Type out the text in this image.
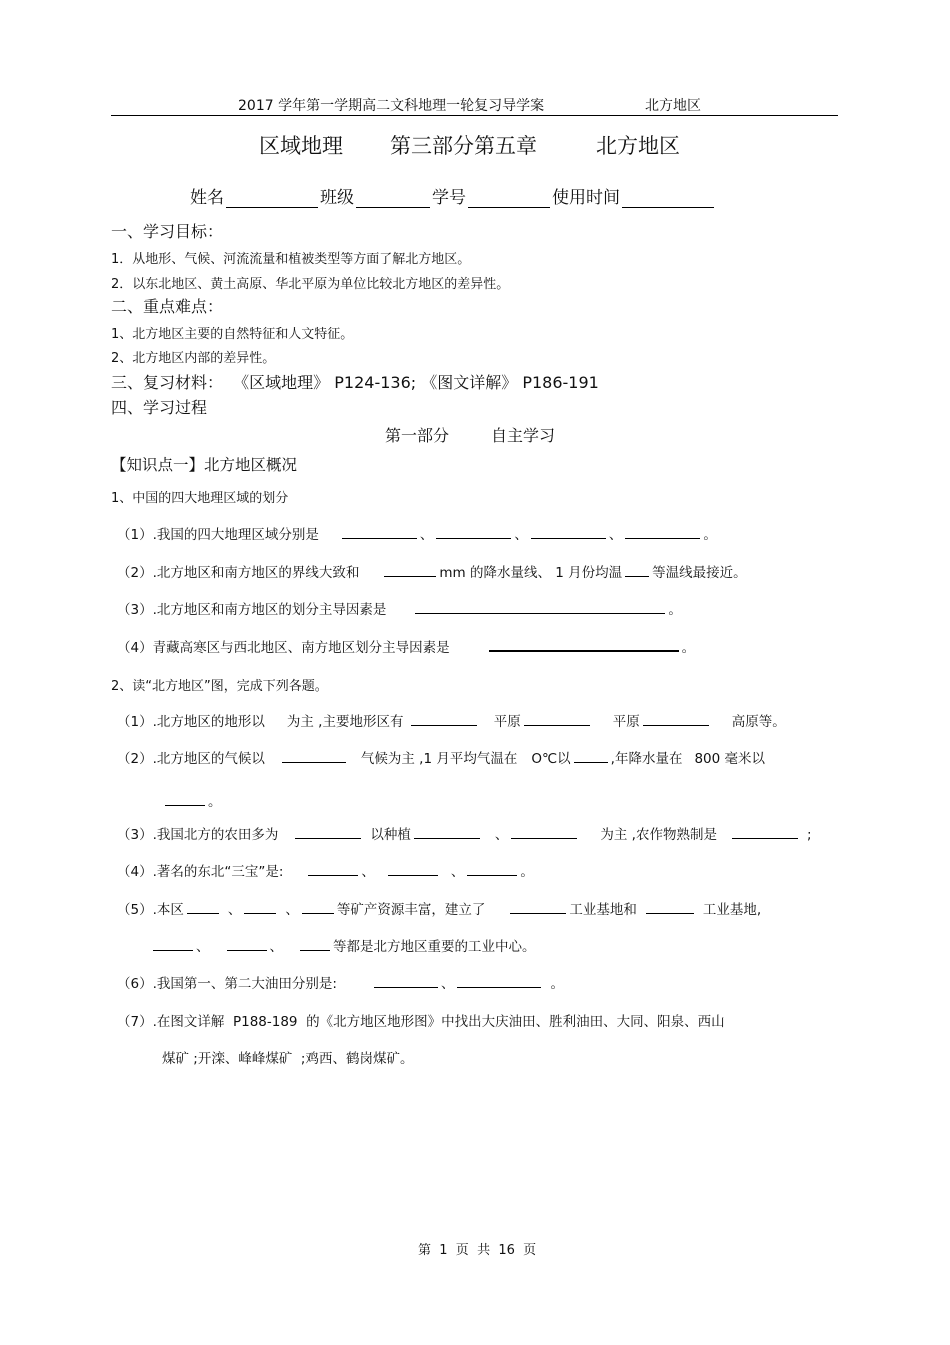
2017 学年第一学期高二文科地理一轮复习导学案	北方地区
区域地理 第三部分第五章	北方地区
姓名	班级	学号	使用时间
一、学习目标：
1．从地形、气候、河流流量和植被类型等方面了解北方地区。
2．以东北地区、黄土高原、华北平原为单位比较北方地区的差异性。
二、重点难点：
1、北方地区主要的自然特征和人文特征。
2、北方地区内部的差异性。
三、复习材料：  《区域地理》 P124-136; 《图文详解》 P186-191
四、学习过程
第一部分	自主学习
【知识点一】北方地区概况
1、中国的四大地理区域的划分
（1）.我国的四大地理区域分别是	、	、	、	。
（2）.北方地区和南方地区的界线大致和	mm 的降水量线、 1 月份均温 等温线最接近。
（3）.北方地区和南方地区的划分主导因素是	。
（4）青藏高寒区与西北地区、南方地区划分主导因素是	。
2、读“北方地区”图，完成下列各题。
（1）.北方地区的地形以 为主 ,主要地形区有	平原	平原	高原等。
（2）.北方地区的气候以	气候为主 ,1 月平均气温在 O℃以	,年降水量在 800 毫米以
。
（3）.我国北方的农田多为	以种植	、	为主 ,农作物熟制是	;
（4）.著名的东北“三宝”是:	、	、	。
（5）.本区	、	、	等矿产资源丰富，建立了	工业基地和	工业基地,
、	、	等都是北方地区重要的工业中心。
（6）.我国第一、第二大油田分别是:	、	。
（7）.在图文详解  P188-189  的《北方地区地形图》中找出大庆油田、胜利油田、大同、阳泉、西山
煤矿 ;开滦、峰峰煤矿  ;鸡西、鹤岗煤矿。
第  1  页  共  16  页
